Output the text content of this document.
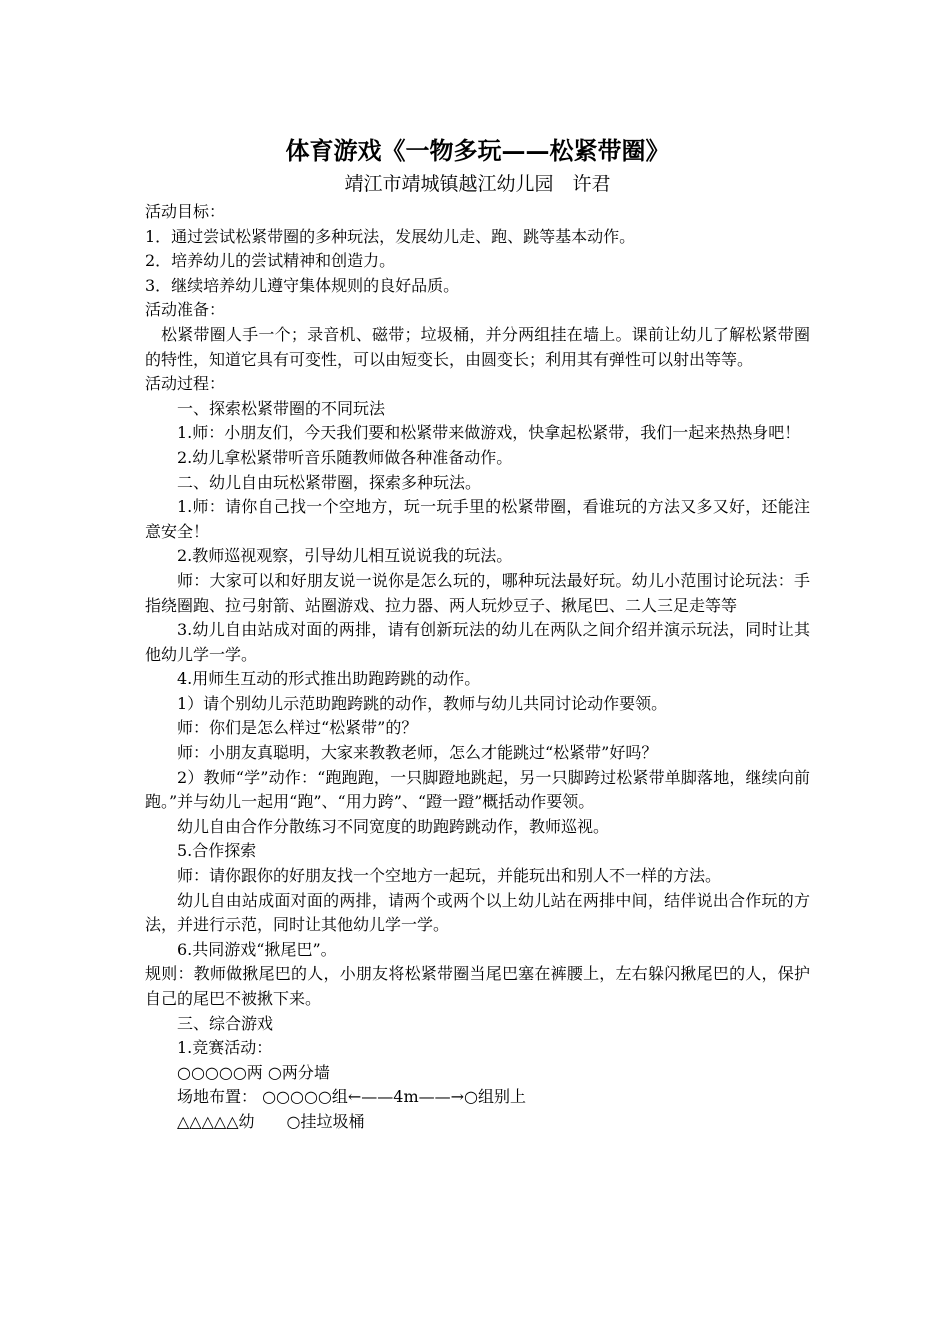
体育游戏《一物多玩——松紧带圈》

靖江市靖城镇越江幼儿园　许君

活动目标：

1．通过尝试松紧带圈的多种玩法，发展幼儿走、跑、跳等基本动作。

2．培养幼儿的尝试精神和创造力。

3．继续培养幼儿遵守集体规则的良好品质。

活动准备：

松紧带圈人手一个；录音机、磁带；垃圾桶，并分两组挂在墙上。课前让幼儿了解松紧带圈的特性，知道它具有可变性，可以由短变长，由圆变长；利用其有弹性可以射出等等。

活动过程：

一、探索松紧带圈的不同玩法

1.师：小朋友们，今天我们要和松紧带来做游戏，快拿起松紧带，我们一起来热热身吧！

2.幼儿拿松紧带听音乐随教师做各种准备动作。

二、幼儿自由玩松紧带圈，探索多种玩法。

1.师：请你自己找一个空地方，玩一玩手里的松紧带圈，看谁玩的方法又多又好，还能注意安全！

2.教师巡视观察，引导幼儿相互说说我的玩法。

师：大家可以和好朋友说一说你是怎么玩的，哪种玩法最好玩。幼儿小范围讨论玩法：手指绕圈跑、拉弓射箭、站圈游戏、拉力器、两人玩炒豆子、揪尾巴、二人三足走等等

3.幼儿自由站成对面的两排，请有创新玩法的幼儿在两队之间介绍并演示玩法，同时让其他幼儿学一学。

4.用师生互动的形式推出助跑跨跳的动作。

1）请个别幼儿示范助跑跨跳的动作，教师与幼儿共同讨论动作要领。

师：你们是怎么样过“松紧带”的？

师：小朋友真聪明，大家来教教老师，怎么才能跳过“松紧带”好吗？

2）教师“学”动作：“跑跑跑，一只脚蹬地跳起，另一只脚跨过松紧带单脚落地，继续向前跑。”并与幼儿一起用“跑”、“用力跨”、“蹬一蹬”概括动作要领。

幼儿自由合作分散练习不同宽度的助跑跨跳动作，教师巡视。

5.合作探索

师：请你跟你的好朋友找一个空地方一起玩，并能玩出和别人不一样的方法。

幼儿自由站成面对面的两排，请两个或两个以上幼儿站在两排中间，结伴说出合作玩的方法，并进行示范，同时让其他幼儿学一学。

6.共同游戏“揪尾巴”。

规则：教师做揪尾巴的人，小朋友将松紧带圈当尾巴塞在裤腰上，左右躲闪揪尾巴的人，保护自己的尾巴不被揪下来。

三、综合游戏

1.竞赛活动：

○○○○○两 ○两分墙

场地布置： ○○○○○组←——4m——→○组别上

△△△△△幼　　○挂垃圾桶
